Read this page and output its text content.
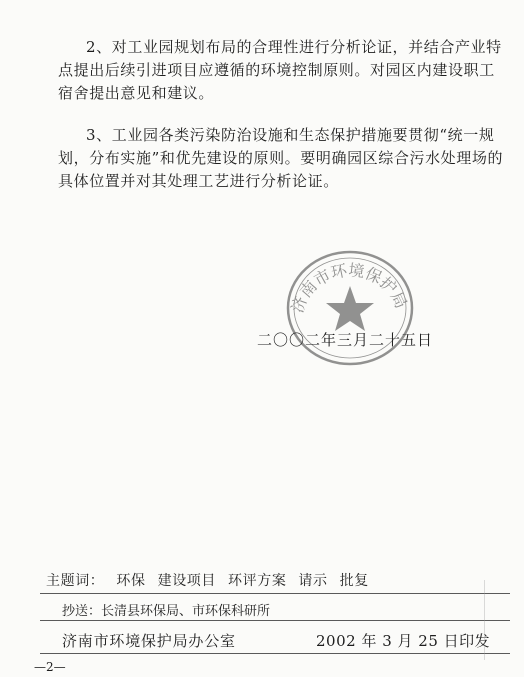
2、对工业园规划布局的合理性进行分析论证，并结合产业特点提出后续引进项目应遵循的环境控制原则。对园区内建设职工宿舍提出意见和建议。

3、工业园各类污染防治设施和生态保护措施要贯彻“统一规划，分布实施”和优先建设的原则。要明确园区综合污水处理场的具体位置并对其处理工艺进行分析论证。

济南市环境保护局
二〇〇二年三月二十五日
主题词： 环保 建设项目 环评方案 请示 批复
抄送：长清县环保局、市环保科研所
济南市环境保护局办公室	2002 年 3 月 25 日印发
—2—
